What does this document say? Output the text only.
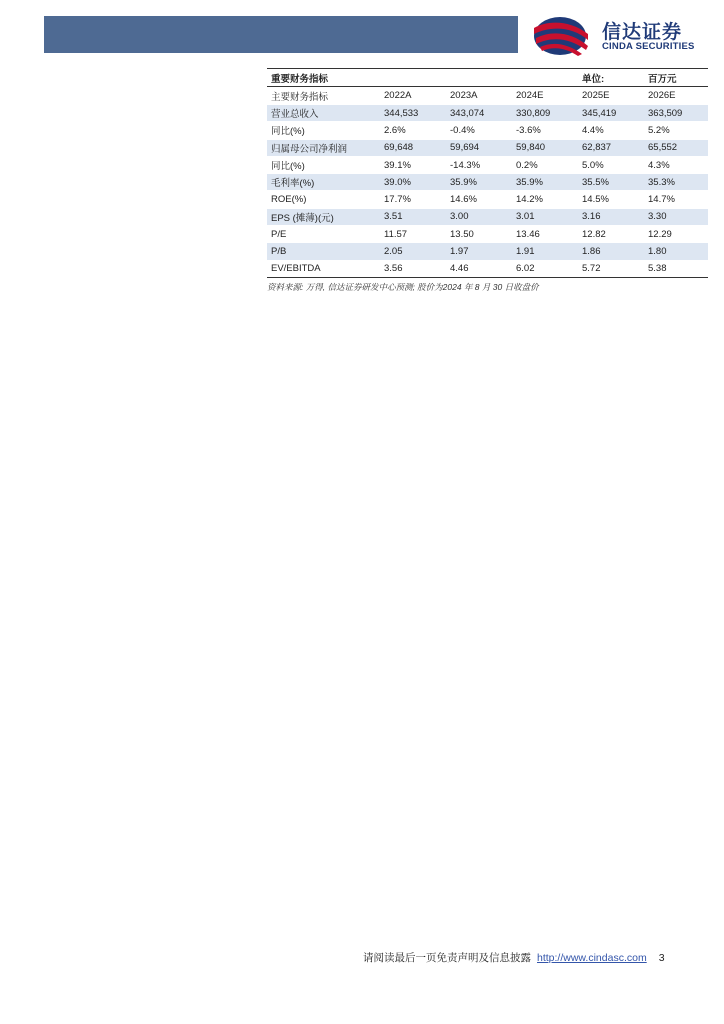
信达证券
CINDA SECURITIES
重要财务指标				单位:	百万元
主要财务指标	2022A	2023A	2024E	2025E	2026E
营业总收入	344,533	343,074	330,809	345,419	363,509
同比(%)	2.6%	-0.4%	-3.6%	4.4%	5.2%
归属母公司净利润	69,648	59,694	59,840	62,837	65,552
同比(%)	39.1%	-14.3%	0.2%	5.0%	4.3%
毛利率(%)	39.0%	35.9%	35.9%	35.5%	35.3%
ROE(%)	17.7%	14.6%	14.2%	14.5%	14.7%
EPS (摊薄)(元)	3.51	3.00	3.01	3.16	3.30
P/E	11.57	13.50	13.46	12.82	12.29
P/B	2.05	1.97	1.91	1.86	1.80
EV/EBITDA	3.56	4.46	6.02	5.72	5.38
资料来源: 万得, 信达证券研发中心预测; 股价为2024 年 8 月 30 日收盘价
请阅读最后一页免责声明及信息披露 http://www.cindasc.com 3
